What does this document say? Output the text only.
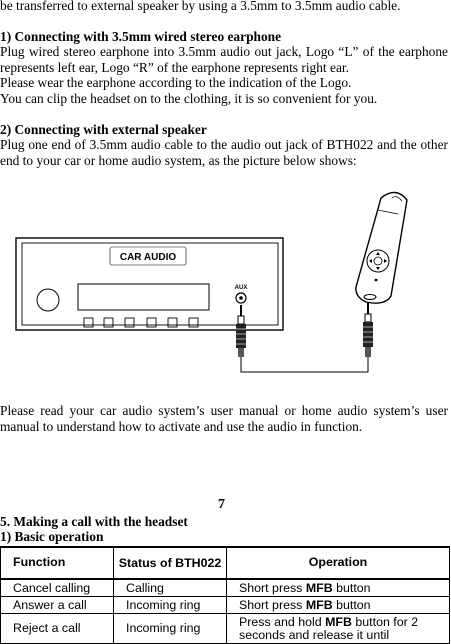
be transferred to external speaker by using a 3.5mm to 3.5mm audio cable.

1) Connecting with 3.5mm wired stereo earphone

Plug wired stereo earphone into 3.5mm audio out jack, Logo “L” of the earphone represents left ear, Logo “R” of the earphone represents right ear.

Please wear the earphone according to the indication of the Logo.

You can clip the headset on to the clothing, it is so convenient for you.

2) Connecting with external speaker

Plug one end of 3.5mm audio cable to the audio out jack of BTH022 and the other end to your car or home audio system, as the picture below shows:

CAR AUDIO
AUX

Please read your car audio system’s user manual or home audio system’s user manual to understand how to activate and use the audio in function.

7

5. Making a call with the headset

1) Basic operation

Function	Status of BTH022	Operation
Cancel calling	Calling	Short press MFB button
Answer a call	Incoming ring	Short press MFB button
Reject a call	Incoming ring	Press and hold MFB button for 2 seconds and release it until
